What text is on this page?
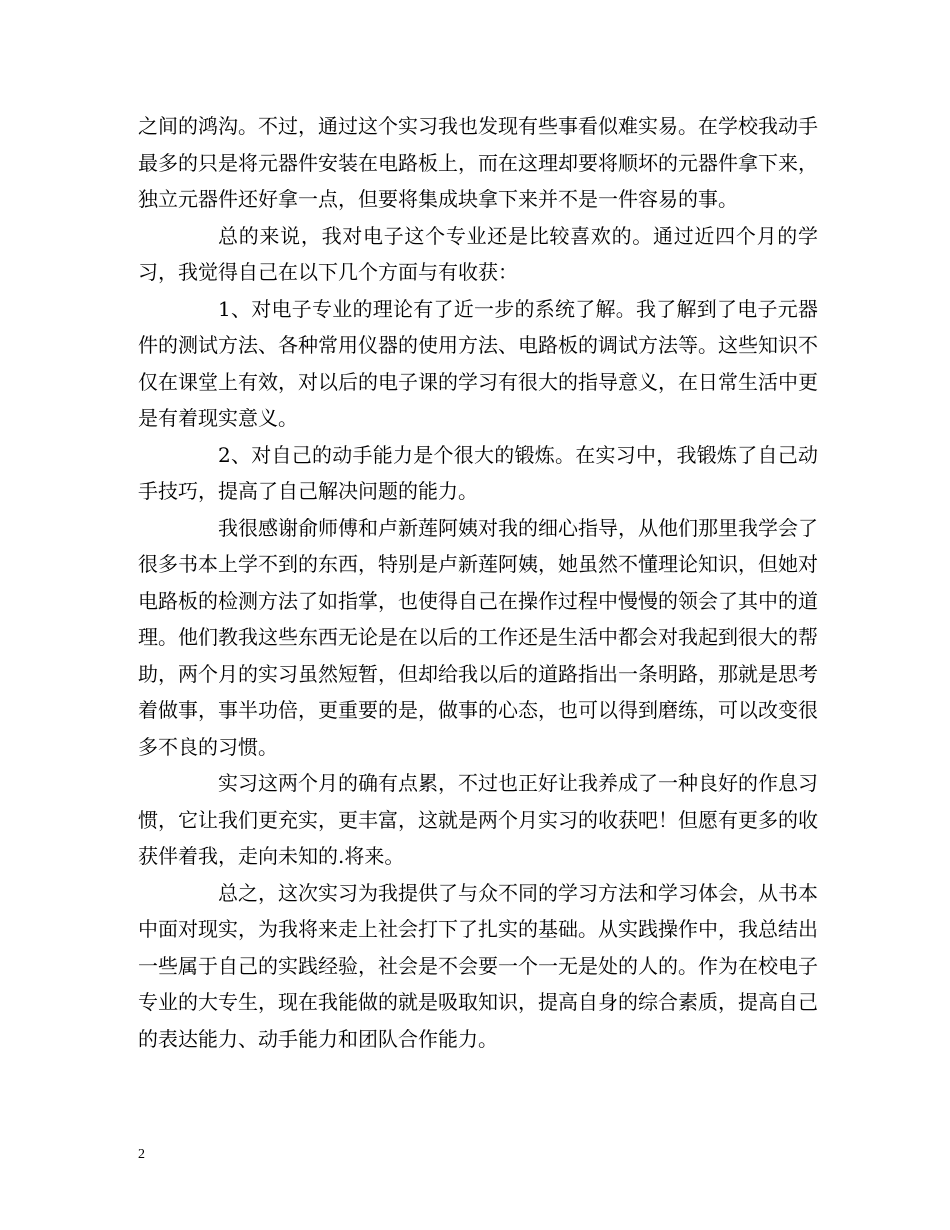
之间的鸿沟。不过，通过这个实习我也发现有些事看似难实易。在学校我动手最多的只是将元器件安装在电路板上，而在这理却要将顺坏的元器件拿下来，独立元器件还好拿一点，但要将集成块拿下来并不是一件容易的事。

总的来说，我对电子这个专业还是比较喜欢的。通过近四个月的学习，我觉得自己在以下几个方面与有收获：

1、对电子专业的理论有了近一步的系统了解。我了解到了电子元器件的测试方法、各种常用仪器的使用方法、电路板的调试方法等。这些知识不仅在课堂上有效，对以后的电子课的学习有很大的指导意义，在日常生活中更是有着现实意义。

2、对自己的动手能力是个很大的锻炼。在实习中，我锻炼了自己动手技巧，提高了自己解决问题的能力。

我很感谢俞师傅和卢新莲阿姨对我的细心指导，从他们那里我学会了很多书本上学不到的东西，特别是卢新莲阿姨，她虽然不懂理论知识，但她对电路板的检测方法了如指掌，也使得自己在操作过程中慢慢的领会了其中的道理。他们教我这些东西无论是在以后的工作还是生活中都会对我起到很大的帮助，两个月的实习虽然短暂，但却给我以后的道路指出一条明路，那就是思考着做事，事半功倍，更重要的是，做事的心态，也可以得到磨练，可以改变很多不良的习惯。

实习这两个月的确有点累，不过也正好让我养成了一种良好的作息习惯，它让我们更充实，更丰富，这就是两个月实习的收获吧！但愿有更多的收获伴着我，走向未知的.将来。

总之，这次实习为我提供了与众不同的学习方法和学习体会，从书本中面对现实，为我将来走上社会打下了扎实的基础。从实践操作中，我总结出一些属于自己的实践经验，社会是不会要一个一无是处的人的。作为在校电子专业的大专生，现在我能做的就是吸取知识，提高自身的综合素质，提高自己的表达能力、动手能力和团队合作能力。

2
